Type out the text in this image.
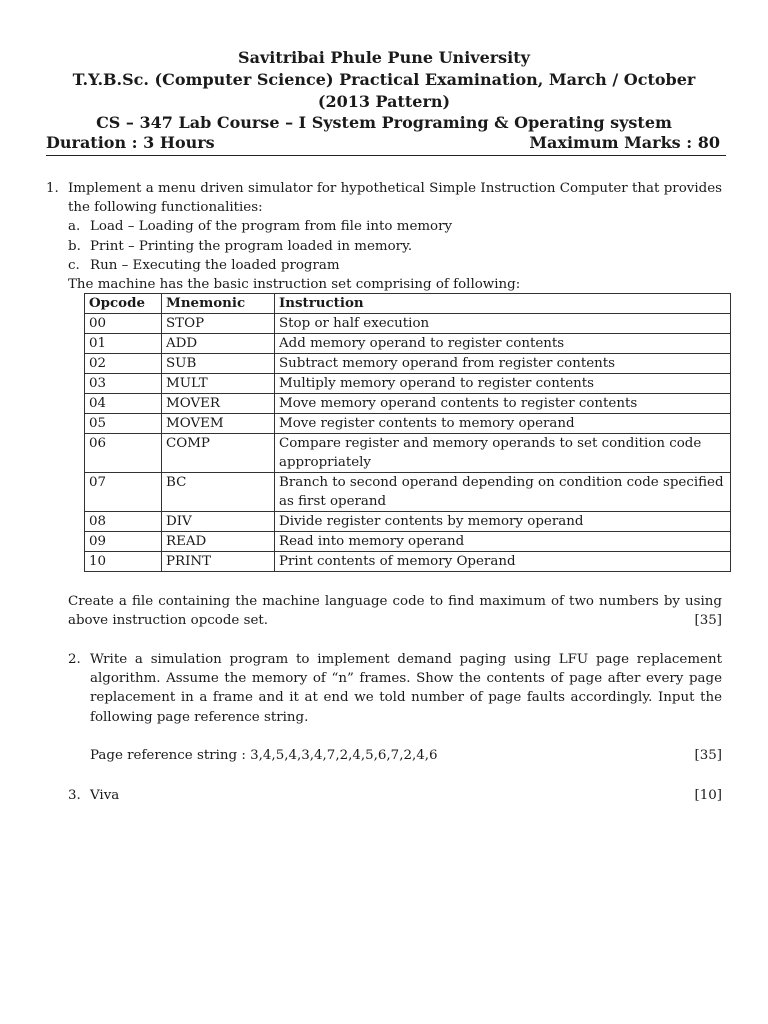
Savitribai Phule Pune University
T.Y.B.Sc. (Computer Science) Practical Examination, March / October
(2013 Pattern)
CS – 347 Lab Course – I System Programing & Operating system
Duration : 3 Hours	Maximum Marks : 80
1. Implement a menu driven simulator for hypothetical Simple Instruction Computer that provides
the following functionalities:
a. Load – Loading of the program from file into memory
b. Print – Printing the program loaded in memory.
c. Run – Executing the loaded program
The machine has the basic instruction set comprising of following:
Opcode	Mnemonic	Instruction
00	STOP	Stop or half execution
01	ADD	Add memory operand to register contents
02	SUB	Subtract memory operand from register contents
03	MULT	Multiply memory operand to register contents
04	MOVER	Move memory operand contents to register contents
05	MOVEM	Move register contents to memory operand
06	COMP	Compare register and memory operands to set condition code appropriately
07	BC	Branch to second operand depending on condition code specified as first operand
08	DIV	Divide register contents by memory operand
09	READ	Read into memory operand
10	PRINT	Print contents of memory Operand
Create a file containing the machine language code to find maximum of two numbers by using
above instruction opcode set.	[35]
2. Write a simulation program to implement demand paging using LFU page replacement
algorithm. Assume the memory of “n” frames. Show the contents of page after every page
replacement in a frame and it at end we told number of page faults accordingly. Input the
following page reference string.
Page reference string : 3,4,5,4,3,4,7,2,4,5,6,7,2,4,6	[35]
3. Viva	[10]
